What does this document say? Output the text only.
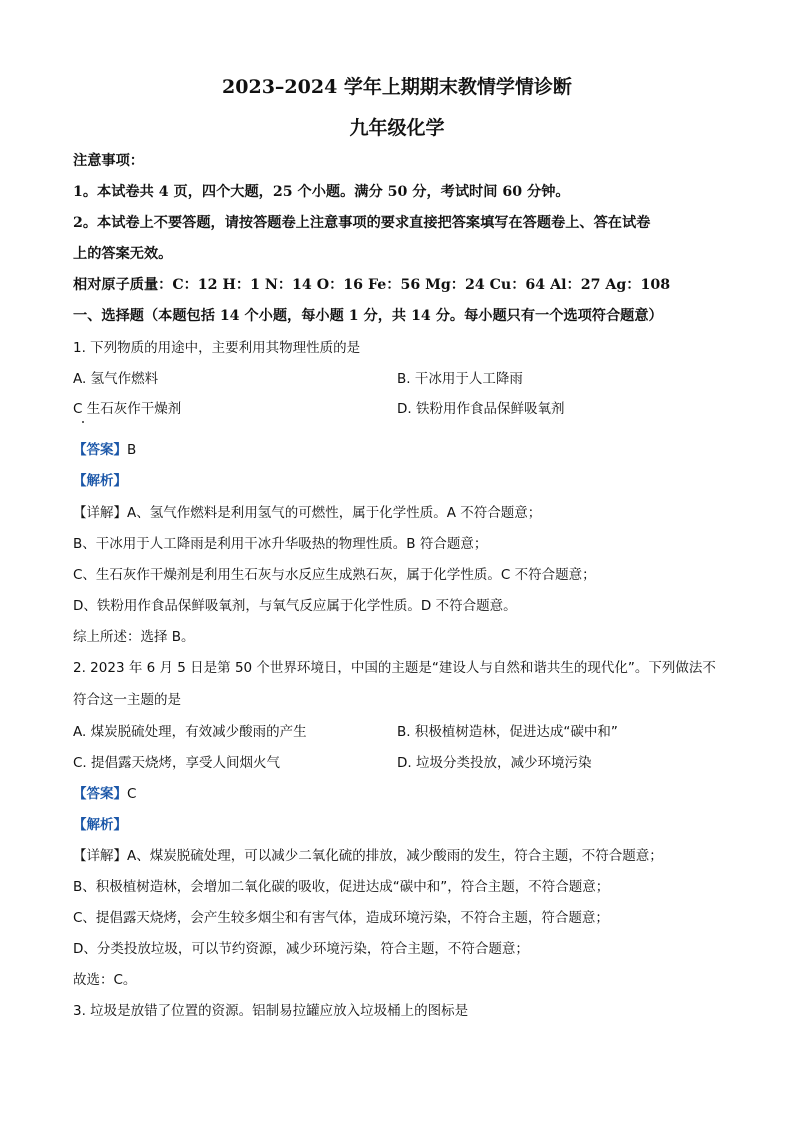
2023–2024 学年上期期末教情学情诊断
九年级化学
注意事项：
1。本试卷共 4 页，四个大题，25 个小题。满分 50 分，考试时间 60 分钟。
2。本试卷上不要答题，请按答题卷上注意事项的要求直接把答案填写在答题卷上、答在试卷
上的答案无效。
相对原子质量：C：12 H：1 N：14 O：16 Fe：56 Mg：24 Cu：64 Al：27 Ag：108
一、选择题（本题包括 14 个小题，每小题 1 分，共 14 分。每小题只有一个选项符合题意）
1. 下列物质的用途中，主要利用其物理性质的是
A. 氢气作燃料	B. 干冰用于人工降雨
C 生石灰作干燥剂	D. 铁粉用作食品保鲜吸氧剂
【答案】B
【解析】
【详解】A、氢气作燃料是利用氢气的可燃性，属于化学性质。A 不符合题意；
B、干冰用于人工降雨是利用干冰升华吸热的物理性质。B 符合题意；
C、生石灰作干燥剂是利用生石灰与水反应生成熟石灰，属于化学性质。C 不符合题意；
D、铁粉用作食品保鲜吸氧剂，与氧气反应属于化学性质。D 不符合题意。
综上所述：选择 B。
2. 2023 年 6 月 5 日是第 50 个世界环境日，中国的主题是“建设人与自然和谐共生的现代化”。下列做法不
符合这一主题的是
A. 煤炭脱硫处理，有效减少酸雨的产生	B. 积极植树造林，促进达成“碳中和”
C. 提倡露天烧烤，享受人间烟火气	D. 垃圾分类投放，减少环境污染
【答案】C
【解析】
【详解】A、煤炭脱硫处理，可以减少二氧化硫的排放，减少酸雨的发生，符合主题，不符合题意；
B、积极植树造林，会增加二氧化碳的吸收，促进达成“碳中和”，符合主题，不符合题意；
C、提倡露天烧烤，会产生较多烟尘和有害气体，造成环境污染，不符合主题，符合题意；
D、分类投放垃圾，可以节约资源，减少环境污染，符合主题，不符合题意；
故选：C。
3. 垃圾是放错了位置的资源。铝制易拉罐应放入垃圾桶上的图标是
